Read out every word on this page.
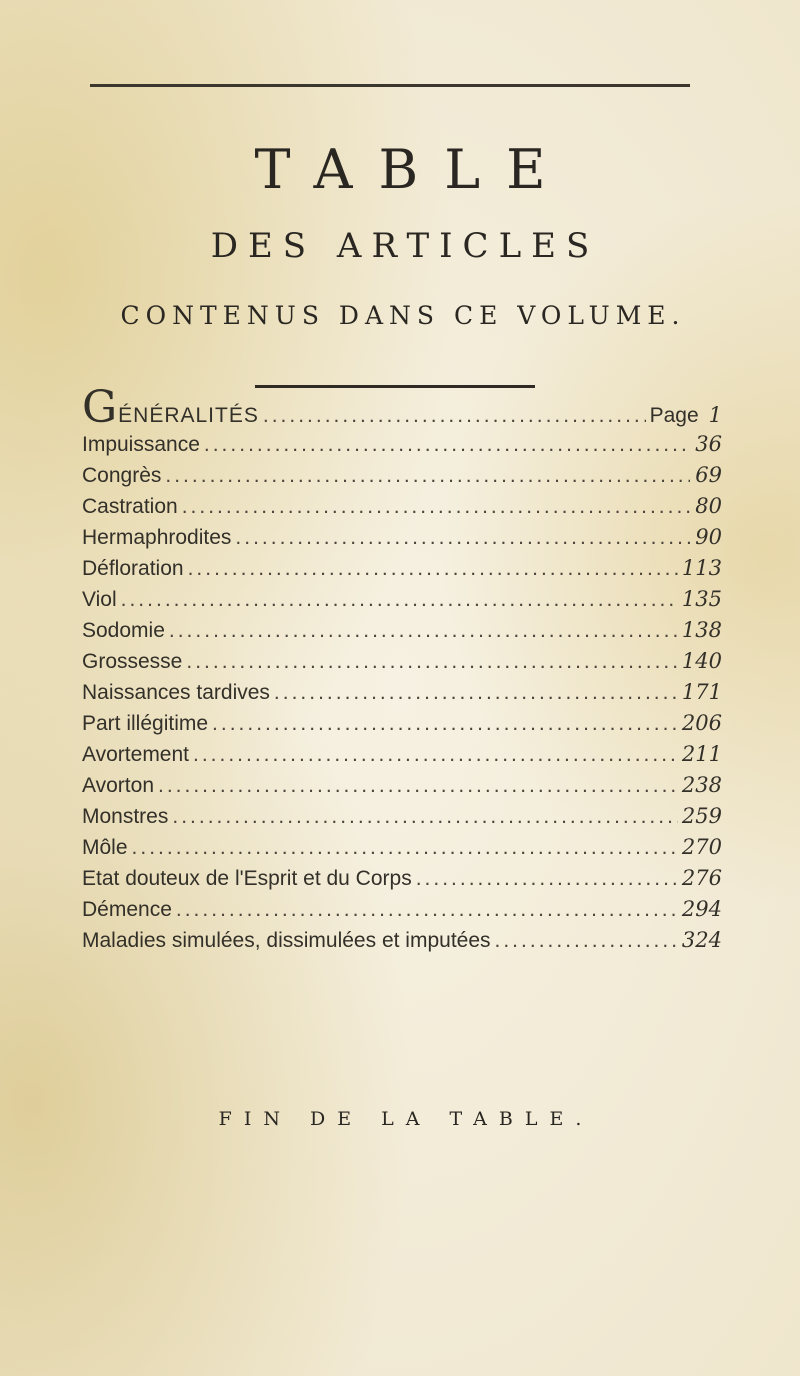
TABLE
DES ARTICLES
CONTENUS DANS CE VOLUME.
GÉNÉRALITÉS .....	Page 1
Impuissance .....	36
Congrès .....	69
Castration .....	80
Hermaphrodites .....	90
Défloration .....	113
Viol .....	135
Sodomie .....	138
Grossesse .....	140
Naissances tardives .....	171
Part illégitime .....	206
Avortement .....	211
Avorton .....	238
Monstres .....	259
Môle .....	270
Etat douteux de l'Esprit et du Corps .....	276
Démence .....	294
Maladies simulées, dissimulées et imputées .....	324
FIN DE LA TABLE.
